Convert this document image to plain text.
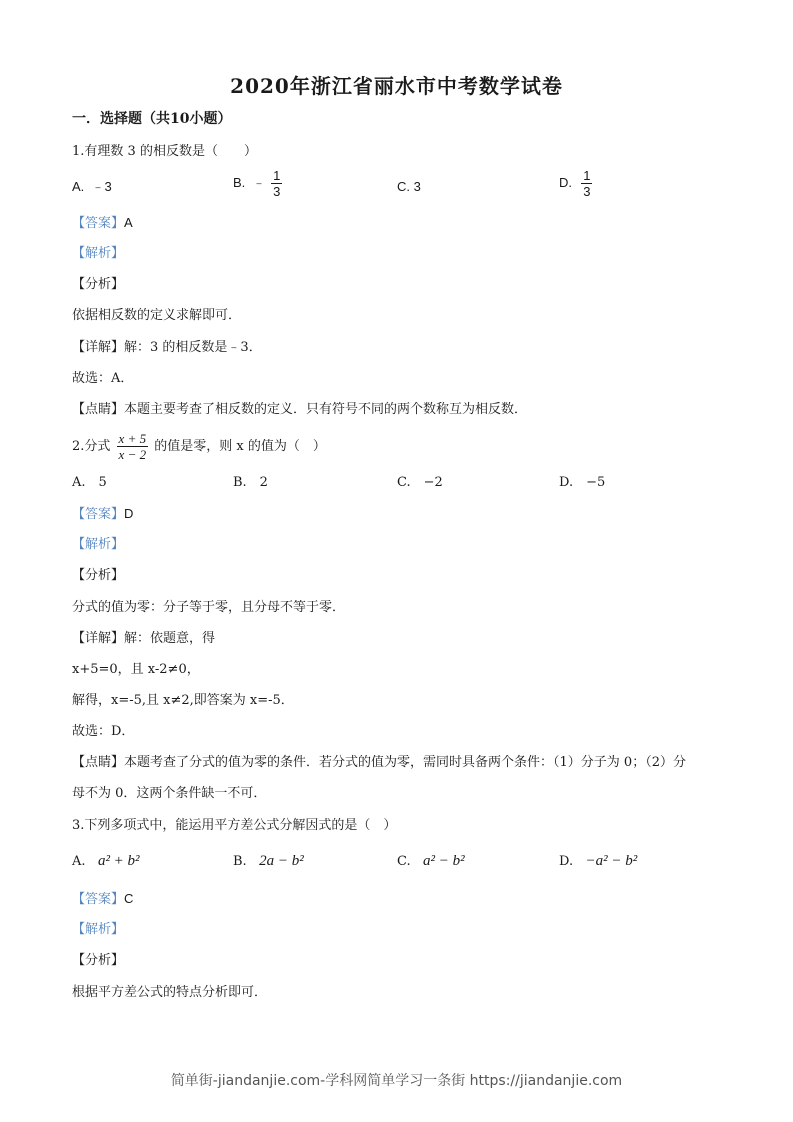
2020年浙江省丽水市中考数学试卷
一．选择题（共10小题）
1.有理数 3 的相反数是（　　）
A. ﹣3	B. ﹣ $\frac{1}{3}$	C. 3	D. $\frac{1}{3}$
【答案】A
【解析】
【分析】
依据相反数的定义求解即可．
【详解】解：3 的相反数是﹣3．
故选：A．
【点睛】本题主要考查了相反数的定义．只有符号不同的两个数称互为相反数．
2.分式 $\frac{x + 5}{x - 2}$ 的值是零，则 x 的值为（　）
A.　5	B.　2	C.　−2	D.　−5
【答案】D
【解析】
【分析】
分式的值为零：分子等于零，且分母不等于零．
【详解】解：依题意，得
x+5=0，且 x-2≠0，
解得，x=-5,且 x≠2,即答案为 x=-5．
故选：D．
【点睛】本题考查了分式的值为零的条件．若分式的值为零，需同时具备两个条件：（1）分子为 0；（2）分
母不为 0．这两个条件缺一不可．
3.下列多项式中，能运用平方差公式分解因式的是（　）
A. a² + b²	B. 2a − b²	C. a² − b²	D. −a² − b²
【答案】C
【解析】
【分析】
根据平方差公式的特点分析即可．
简单街-jiandanjie.com-学科网简单学习一条街 https://jiandanjie.com
